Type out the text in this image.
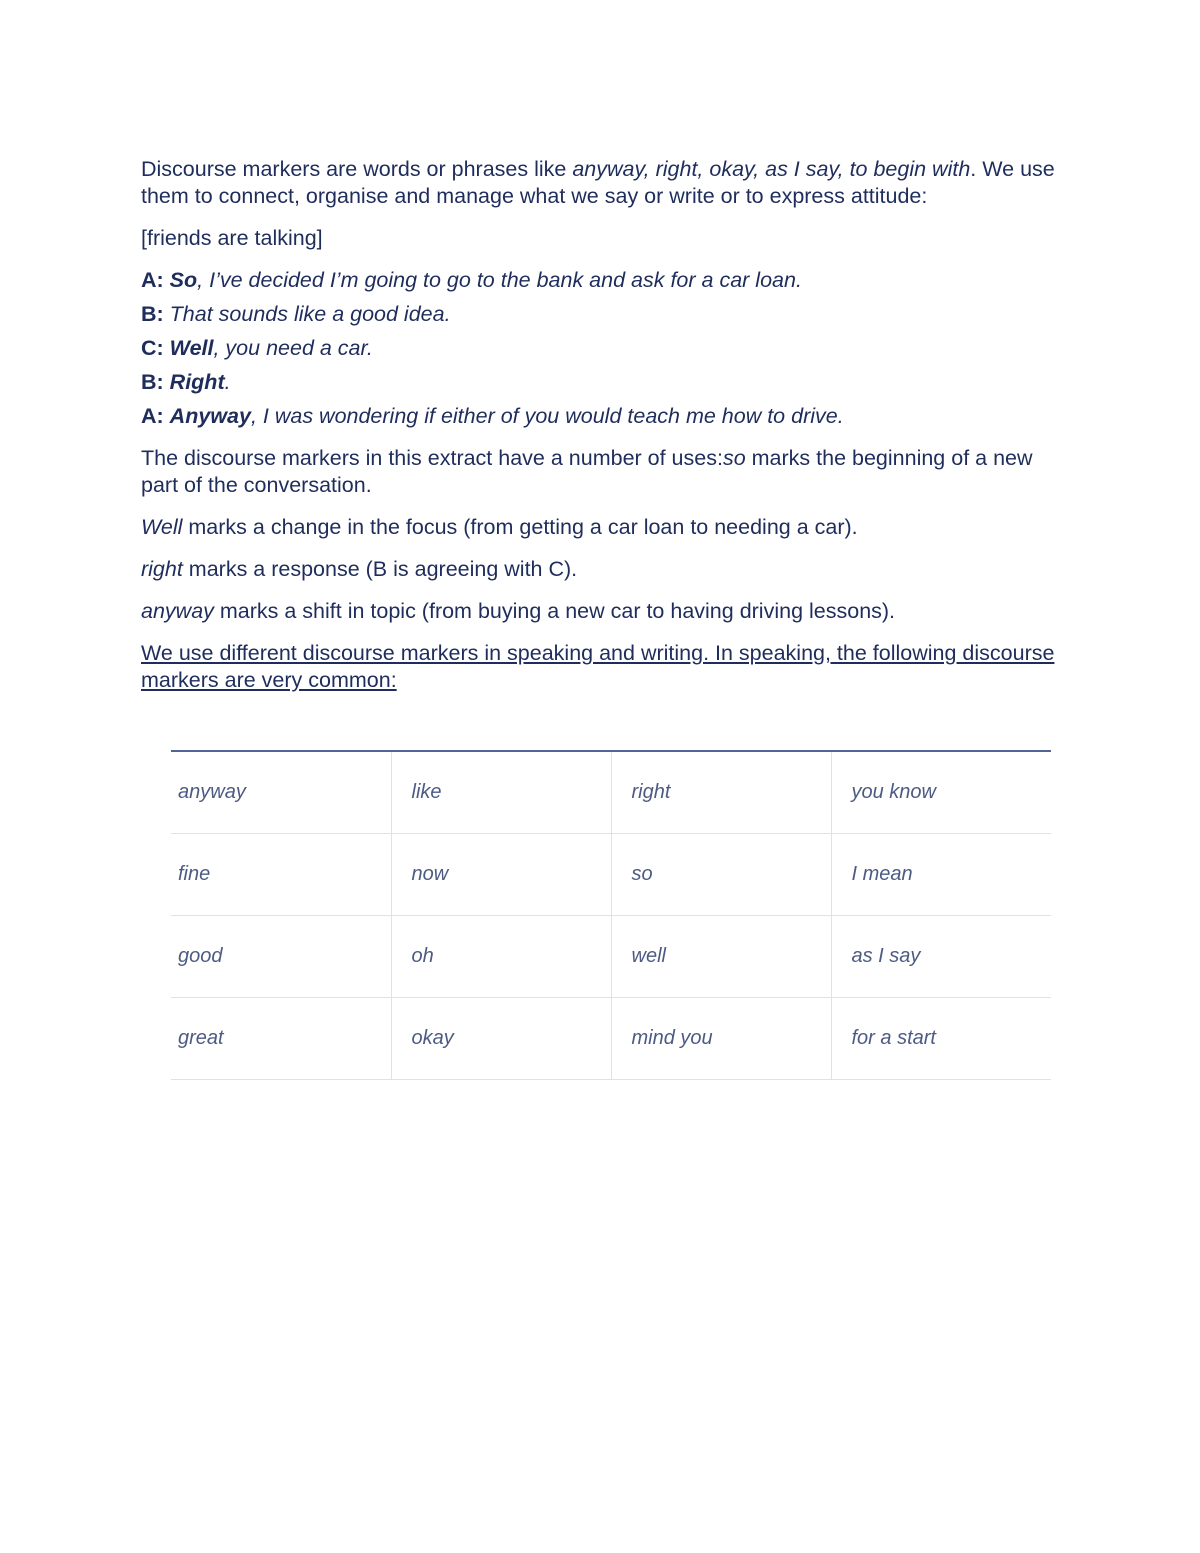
Discourse markers are words or phrases like anyway, right, okay, as I say, to begin with. We use them to connect, organise and manage what we say or write or to express attitude:

[friends are talking]

A: So, I’ve decided I’m going to go to the bank and ask for a car loan.

B: That sounds like a good idea.

C: Well, you need a car.

B: Right.

A: Anyway, I was wondering if either of you would teach me how to drive.

The discourse markers in this extract have a number of uses:so marks the beginning of a new part of the conversation.

Well marks a change in the focus (from getting a car loan to needing a car).

right marks a response (B is agreeing with C).

anyway marks a shift in topic (from buying a new car to having driving lessons).

We use different discourse markers in speaking and writing. In speaking, the following discourse markers are very common:

anyway	like	right	you know
fine	now	so	I mean
good	oh	well	as I say
great	okay	mind you	for a start
